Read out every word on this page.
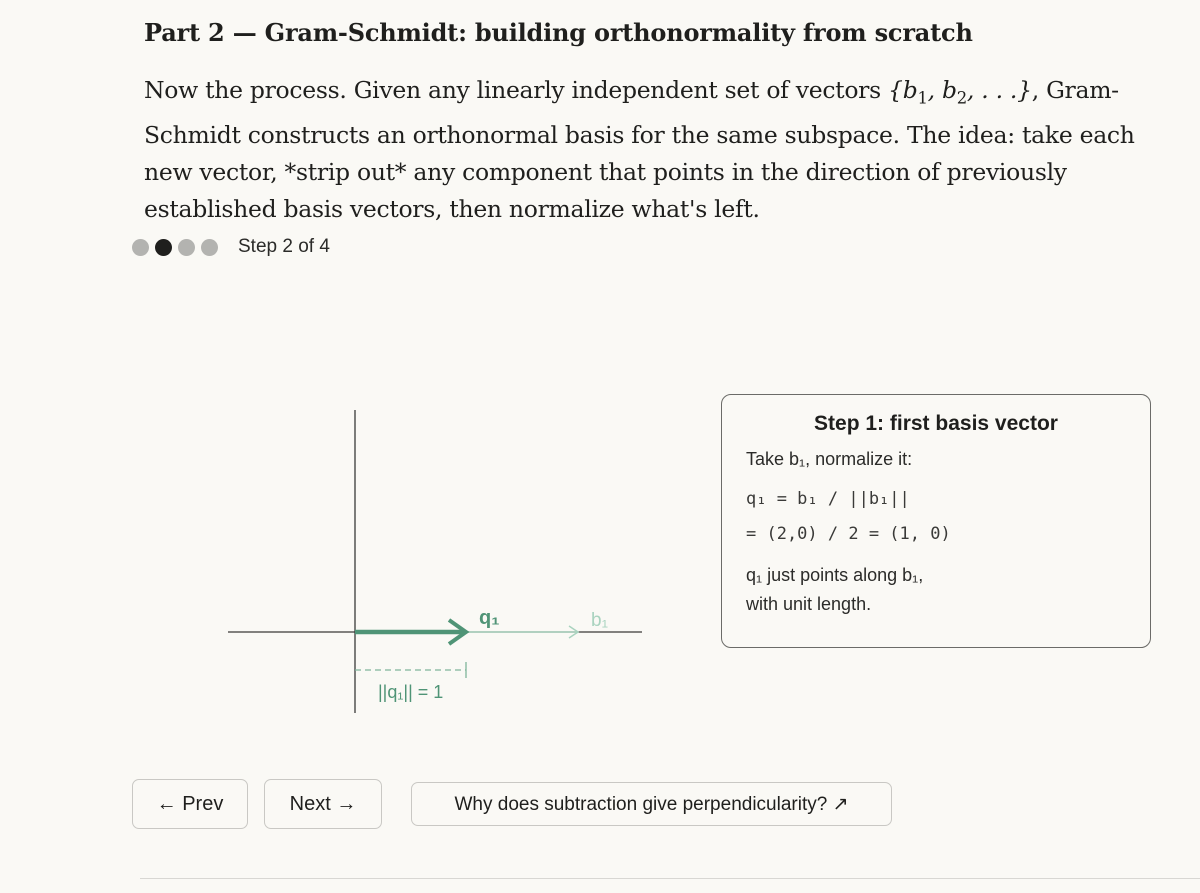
Part 2 — Gram-Schmidt: building orthonormality from scratch

Now the process. Given any linearly independent set of vectors {$b_1$, $b_2$, . . .}, Gram-Schmidt constructs an orthonormal basis for the same subspace. The idea: take each new vector, *strip out* any component that points in the direction of previously established basis vectors, then normalize what's left.

Step 2 of 4
b₁
q₁
||q₁|| = 1
Step 1: first basis vector
Take b₁, normalize it:
q₁ = b₁ / ||b₁||
= (2,0) / 2 = (1, 0)
q₁ just points along b₁,
with unit length.
← Prev	Next →	Why does subtraction give perpendicularity? ↗
